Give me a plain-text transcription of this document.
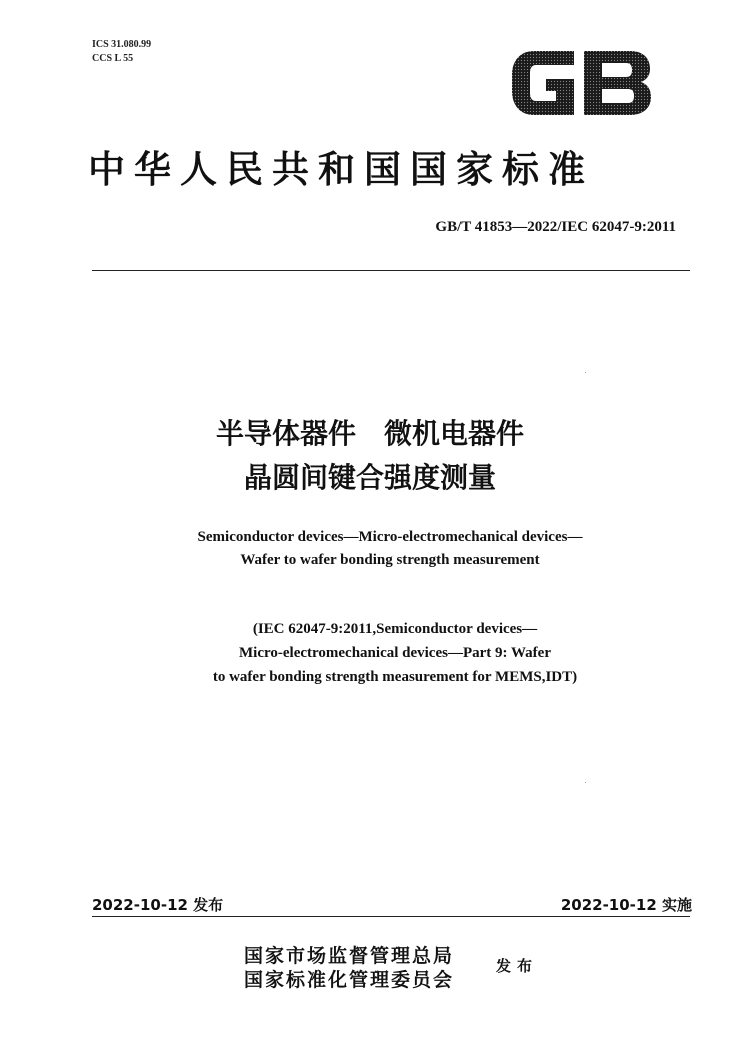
ICS 31.080.99
CCS L 55
中华人民共和国国家标准
GB/T 41853—2022/IEC 62047-9:2011
半导体器件　微机电器件
晶圆间键合强度测量
Semiconductor devices—Micro-electromechanical devices—
Wafer to wafer bonding strength measurement
(IEC 62047-9:2011,Semiconductor devices—
Micro-electromechanical devices—Part 9: Wafer
to wafer bonding strength measurement for MEMS,IDT)
2022-10-12 发布	2022-10-12 实施
国家市场监督管理总局
国家标准化管理委员会
发布
